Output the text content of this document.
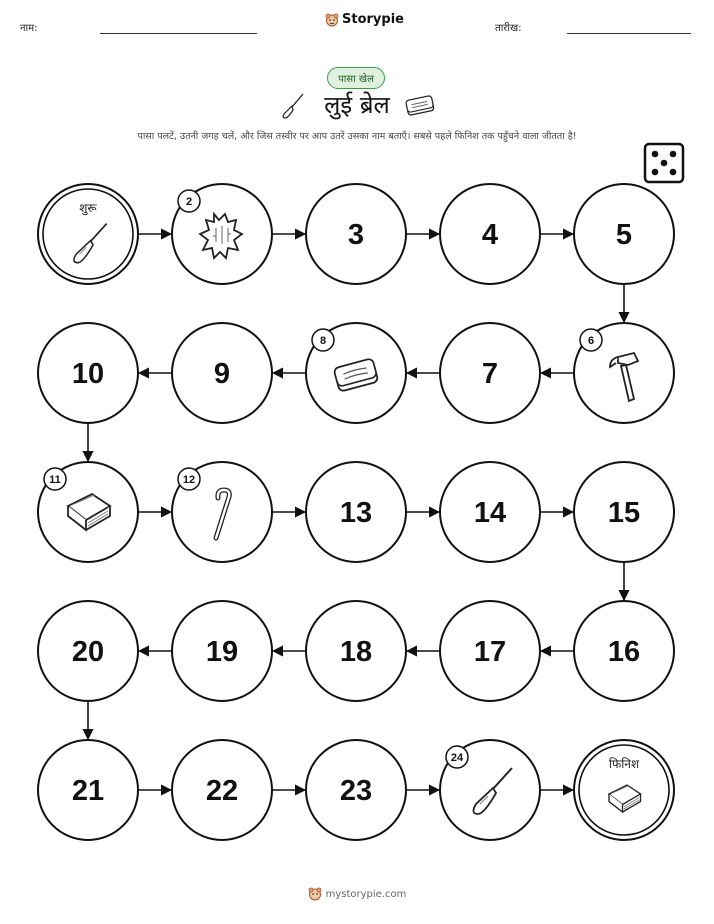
नाम:
Storypie
तारीख:
पासा खेल
लुई ब्रेल
पासा पलटें, उतनी जगह चलें, और जिस तस्वीर पर आप उतरें उसका नाम बताएँ। सबसे पहले फिनिश तक पहुँचने वाला जीतता है!
शुरू	2
3	4	5
6
7
8
9
10
11	12
13	14	15
16
17
18
19
20
21	22	23
24	फिनिश
mystorypie.com
